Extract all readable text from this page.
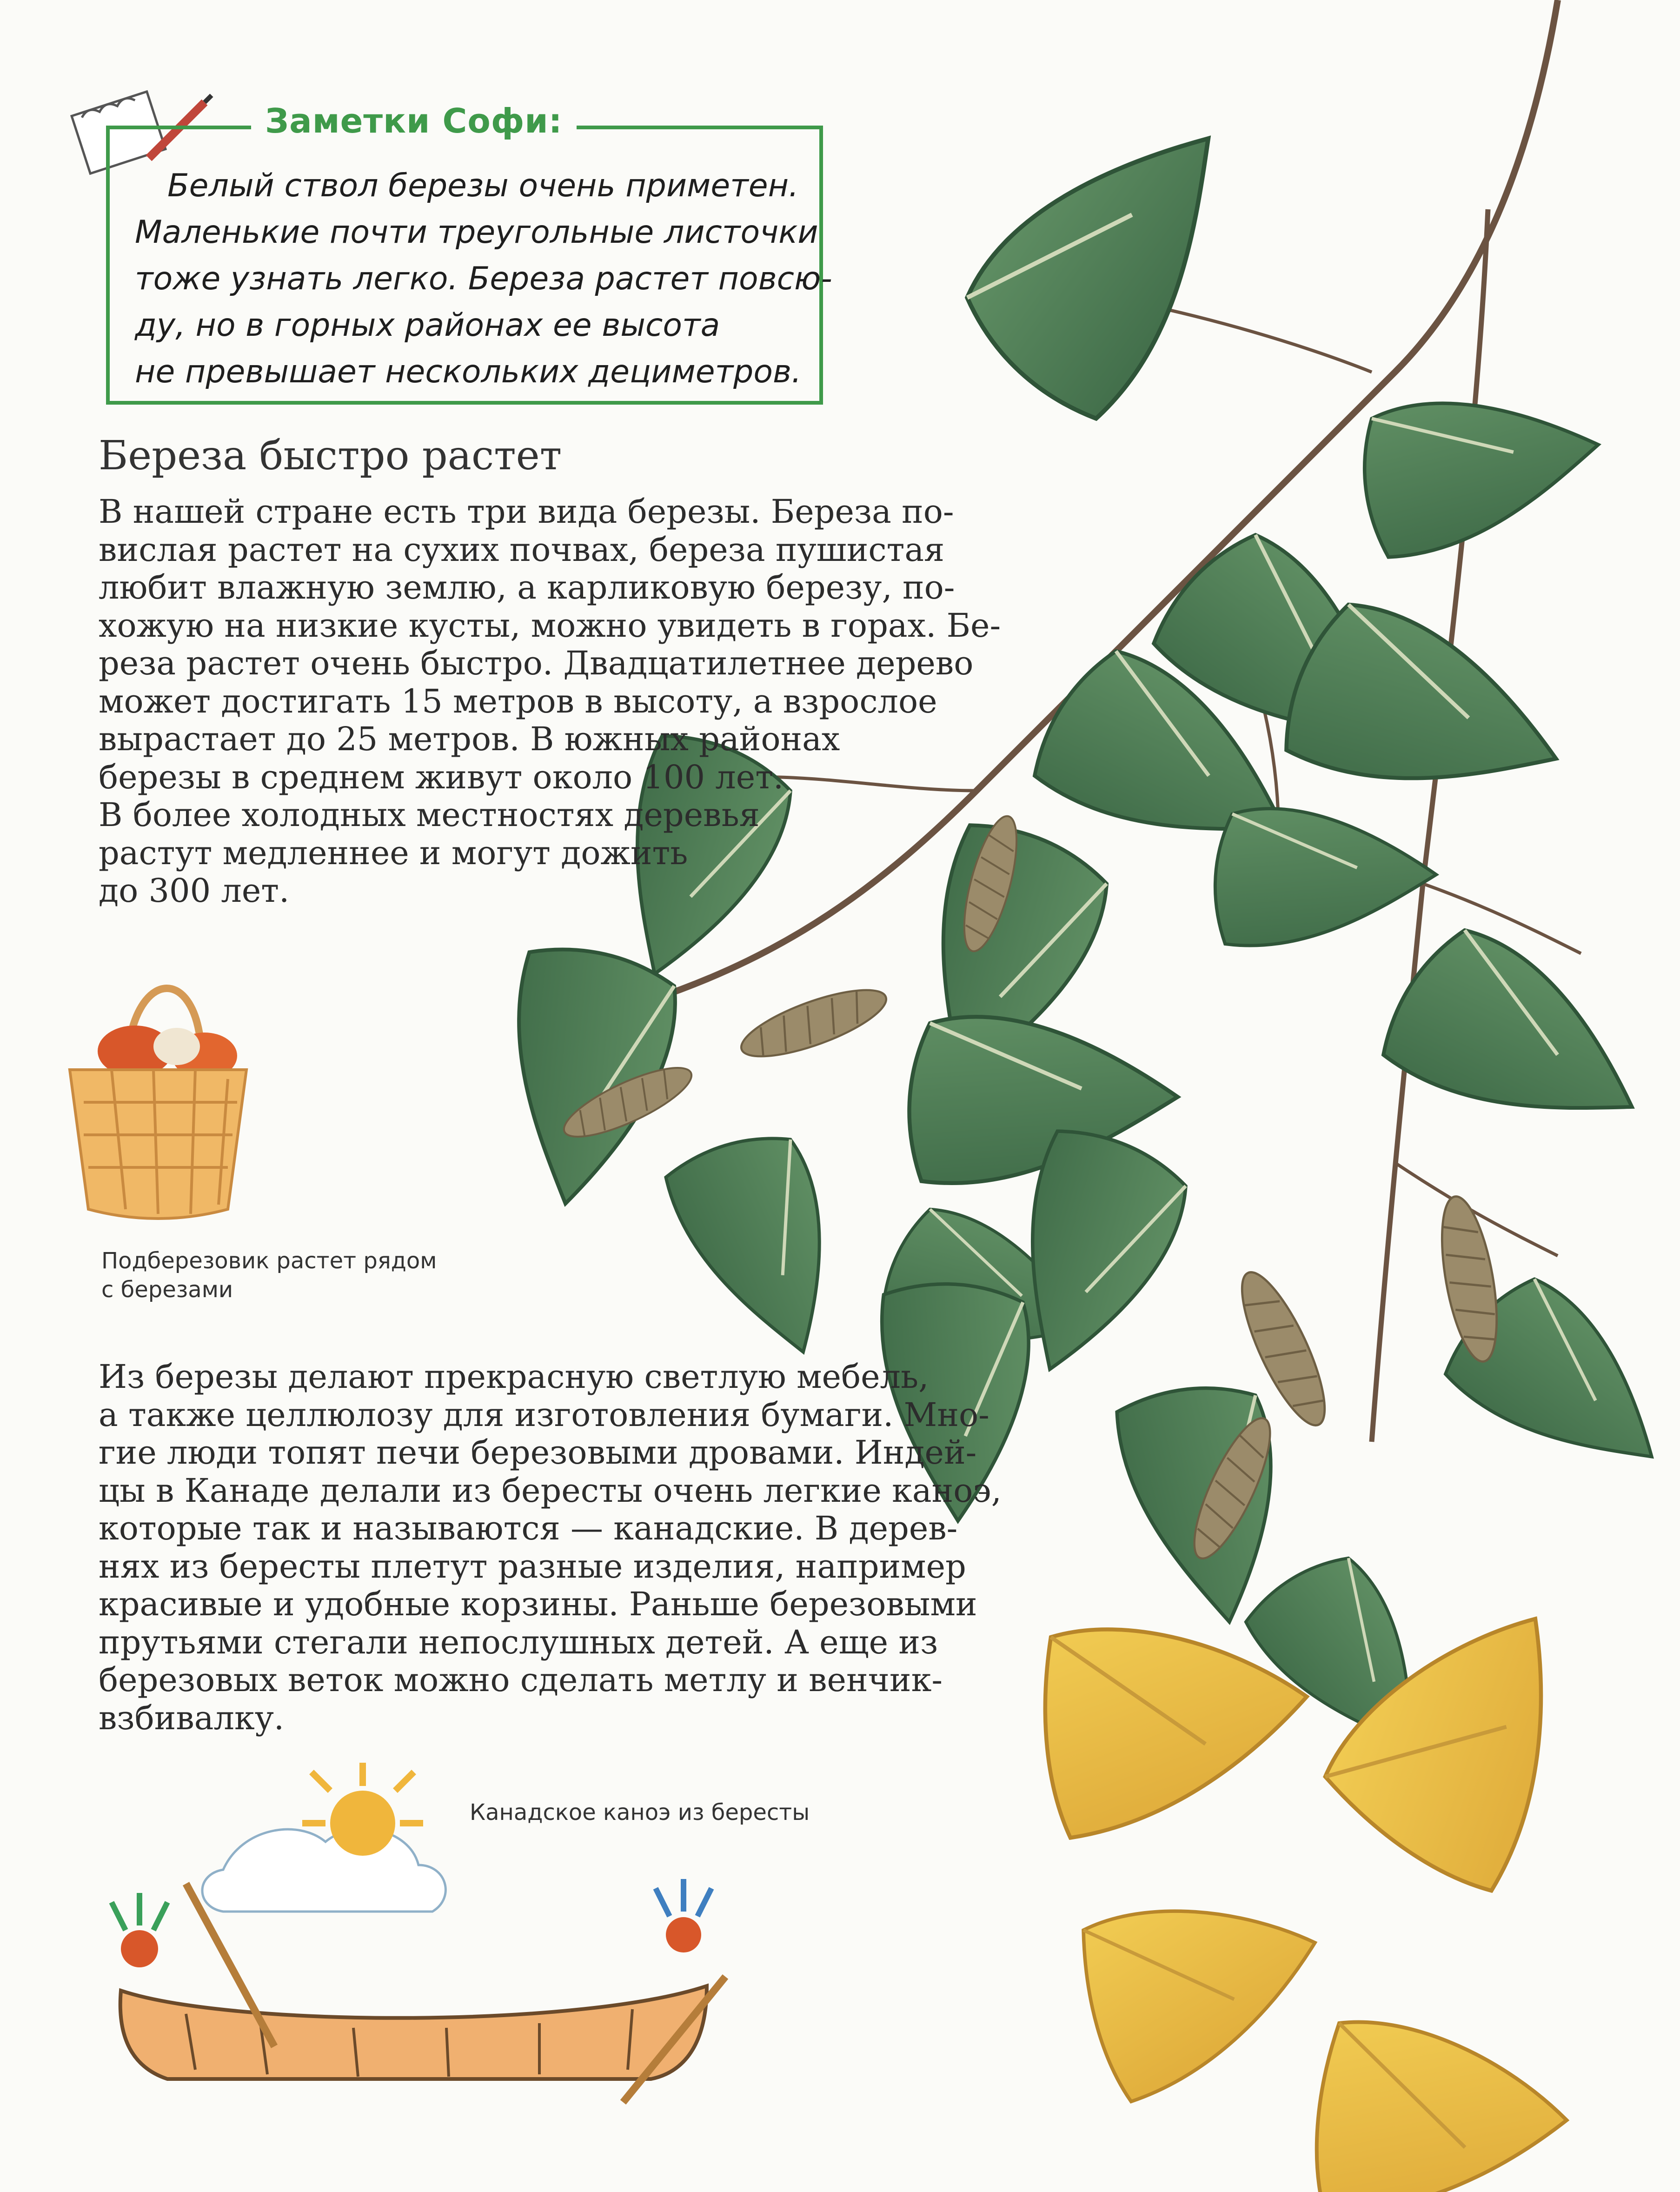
Заметки Софи:
Белый ствол березы очень приметен.
Маленькие почти треугольные листочки
тоже узнать легко. Береза растет повсю-
ду, но в горных районах ее высота
не превышает нескольких дециметров.
Береза быстро растет
В нашей стране есть три вида березы. Береза по-
вислая растет на сухих почвах, береза пушистая
любит влажную землю, а карликовую березу, по-
хожую на низкие кусты, можно увидеть в горах. Бе-
реза растет очень быстро. Двадцатилетнее дерево
может достигать 15 метров в высоту, а взрослое
вырастает до 25 метров. В южных районах
березы в среднем живут около 100 лет.
В более холодных местностях деревья
растут медленнее и могут дожить
до 300 лет.
Подберезовик растет рядом
с березами
Из березы делают прекрасную светлую мебель,
а также целлюлозу для изготовления бумаги. Мно-
гие люди топят печи березовыми дровами. Индей-
цы в Канаде делали из бересты очень легкие каноэ,
которые так и называются — канадские. В дерев-
нях из бересты плетут разные изделия, например
красивые и удобные корзины. Раньше березовыми
прутьями стегали непослушных детей. А еще из
березовых веток можно сделать метлу и венчик-
взбивалку.
Канадское каноэ из бересты
